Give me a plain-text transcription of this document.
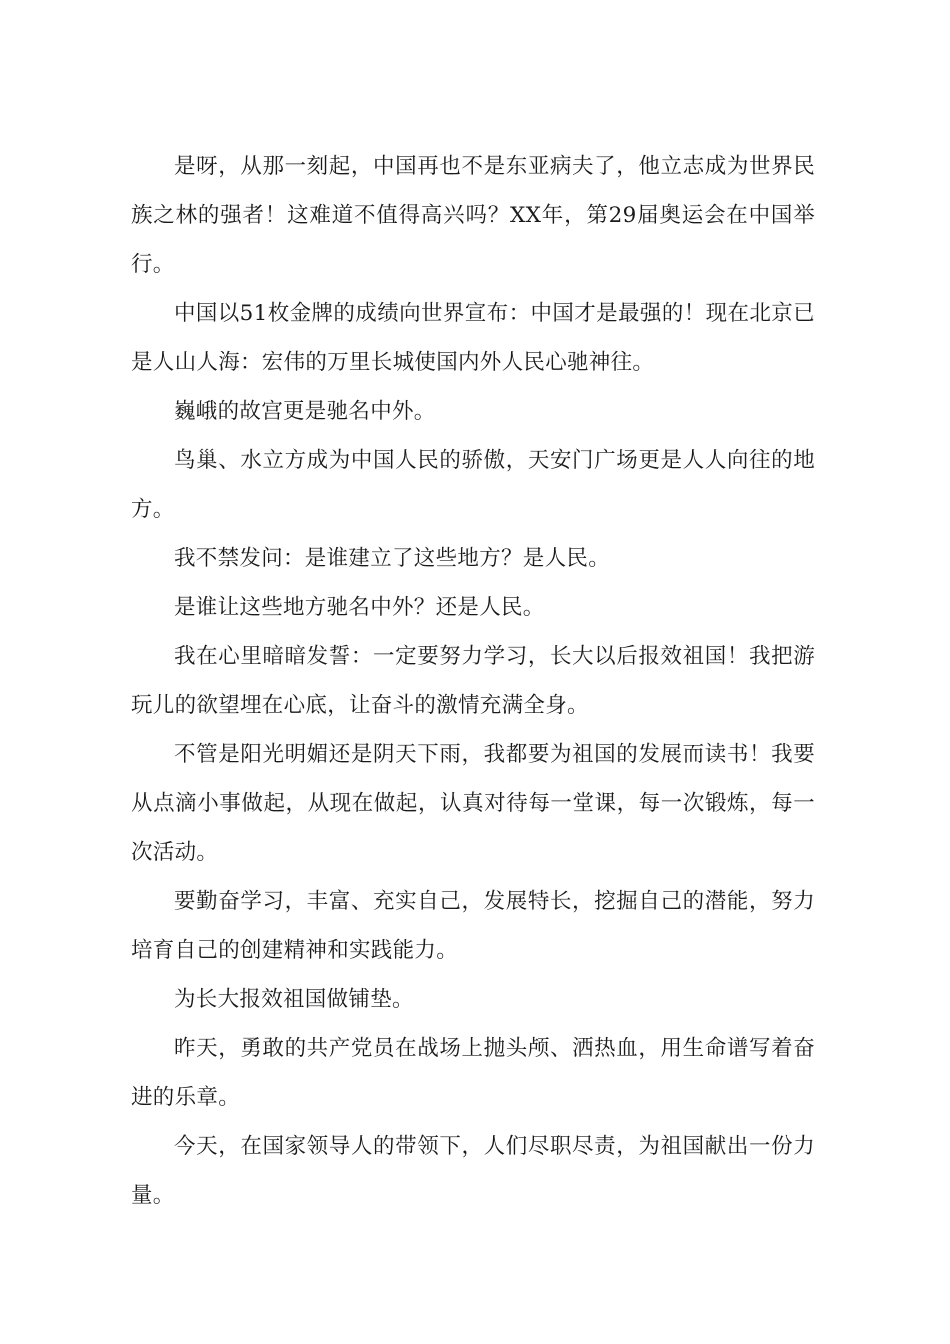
是呀，从那一刻起，中国再也不是东亚病夫了，他立志成为世界民族之林的强者！这难道不值得高兴吗？XX年，第29届奥运会在中国举行。

中国以51枚金牌的成绩向世界宣布：中国才是最强的！现在北京已是人山人海：宏伟的万里长城使国内外人民心驰神往。

巍峨的故宫更是驰名中外。

鸟巢、水立方成为中国人民的骄傲，天安门广场更是人人向往的地方。

我不禁发问：是谁建立了这些地方？是人民。

是谁让这些地方驰名中外？还是人民。

我在心里暗暗发誓：一定要努力学习，长大以后报效祖国！我把游玩儿的欲望埋在心底，让奋斗的激情充满全身。

不管是阳光明媚还是阴天下雨，我都要为祖国的发展而读书！我要从点滴小事做起，从现在做起，认真对待每一堂课，每一次锻炼，每一次活动。

要勤奋学习，丰富、充实自己，发展特长，挖掘自己的潜能，努力培育自己的创建精神和实践能力。

为长大报效祖国做铺垫。

昨天，勇敢的共产党员在战场上抛头颅、洒热血，用生命谱写着奋进的乐章。

今天，在国家领导人的带领下，人们尽职尽责，为祖国献出一份力量。
